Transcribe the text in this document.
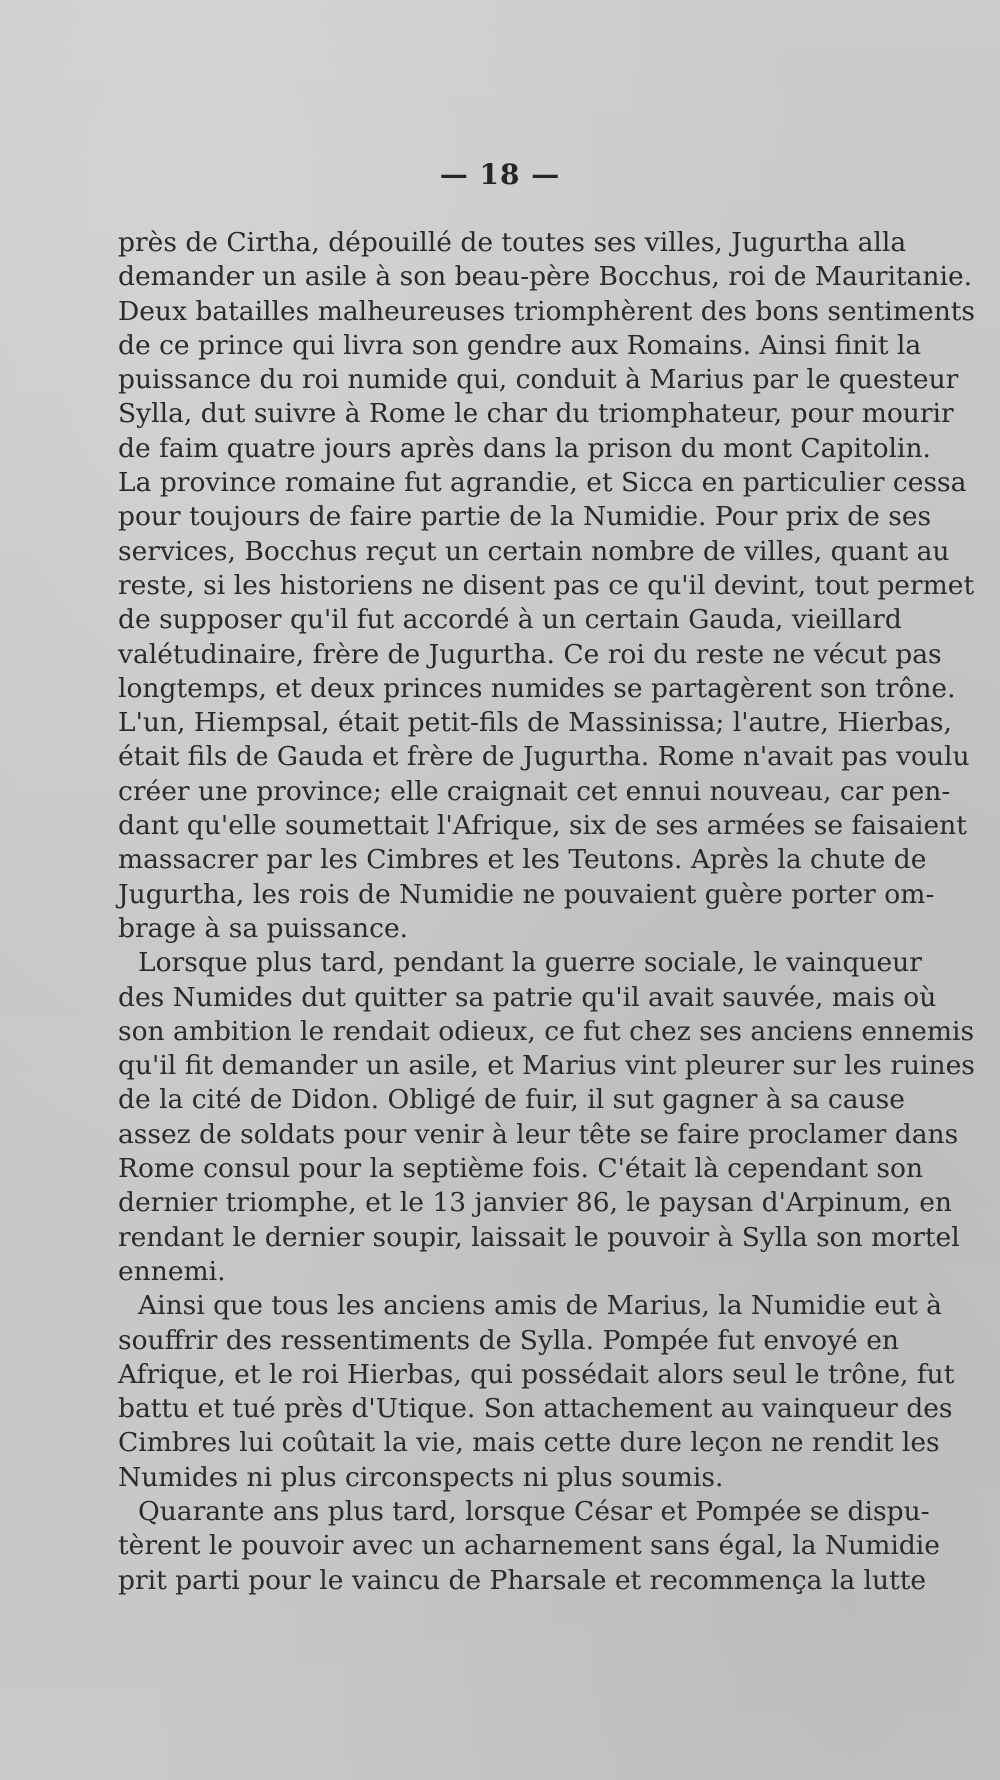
— 18 —

près de Cirtha, dépouillé de toutes ses villes, Jugurtha alla
demander un asile à son beau-père Bocchus, roi de Mauritanie.
Deux batailles malheureuses triomphèrent des bons sentiments
de ce prince qui livra son gendre aux Romains. Ainsi finit la
puissance du roi numide qui, conduit à Marius par le questeur
Sylla, dut suivre à Rome le char du triomphateur, pour mourir
de faim quatre jours après dans la prison du mont Capitolin.
La province romaine fut agrandie, et Sicca en particulier cessa
pour toujours de faire partie de la Numidie. Pour prix de ses
services, Bocchus reçut un certain nombre de villes, quant au
reste, si les historiens ne disent pas ce qu'il devint, tout permet
de supposer qu'il fut accordé à un certain Gauda, vieillard
valétudinaire, frère de Jugurtha. Ce roi du reste ne vécut pas
longtemps, et deux princes numides se partagèrent son trône.
L'un, Hiempsal, était petit-fils de Massinissa; l'autre, Hierbas,
était fils de Gauda et frère de Jugurtha. Rome n'avait pas voulu
créer une province; elle craignait cet ennui nouveau, car pen-
dant qu'elle soumettait l'Afrique, six de ses armées se faisaient
massacrer par les Cimbres et les Teutons. Après la chute de
Jugurtha, les rois de Numidie ne pouvaient guère porter om-
brage à sa puissance.

Lorsque plus tard, pendant la guerre sociale, le vainqueur
des Numides dut quitter sa patrie qu'il avait sauvée, mais où
son ambition le rendait odieux, ce fut chez ses anciens ennemis
qu'il fit demander un asile, et Marius vint pleurer sur les ruines
de la cité de Didon. Obligé de fuir, il sut gagner à sa cause
assez de soldats pour venir à leur tête se faire proclamer dans
Rome consul pour la septième fois. C'était là cependant son
dernier triomphe, et le 13 janvier 86, le paysan d'Arpinum, en
rendant le dernier soupir, laissait le pouvoir à Sylla son mortel
ennemi.

Ainsi que tous les anciens amis de Marius, la Numidie eut à
souffrir des ressentiments de Sylla. Pompée fut envoyé en
Afrique, et le roi Hierbas, qui possédait alors seul le trône, fut
battu et tué près d'Utique. Son attachement au vainqueur des
Cimbres lui coûtait la vie, mais cette dure leçon ne rendit les
Numides ni plus circonspects ni plus soumis.

Quarante ans plus tard, lorsque César et Pompée se dispu-
tèrent le pouvoir avec un acharnement sans égal, la Numidie
prit parti pour le vaincu de Pharsale et recommença la lutte
